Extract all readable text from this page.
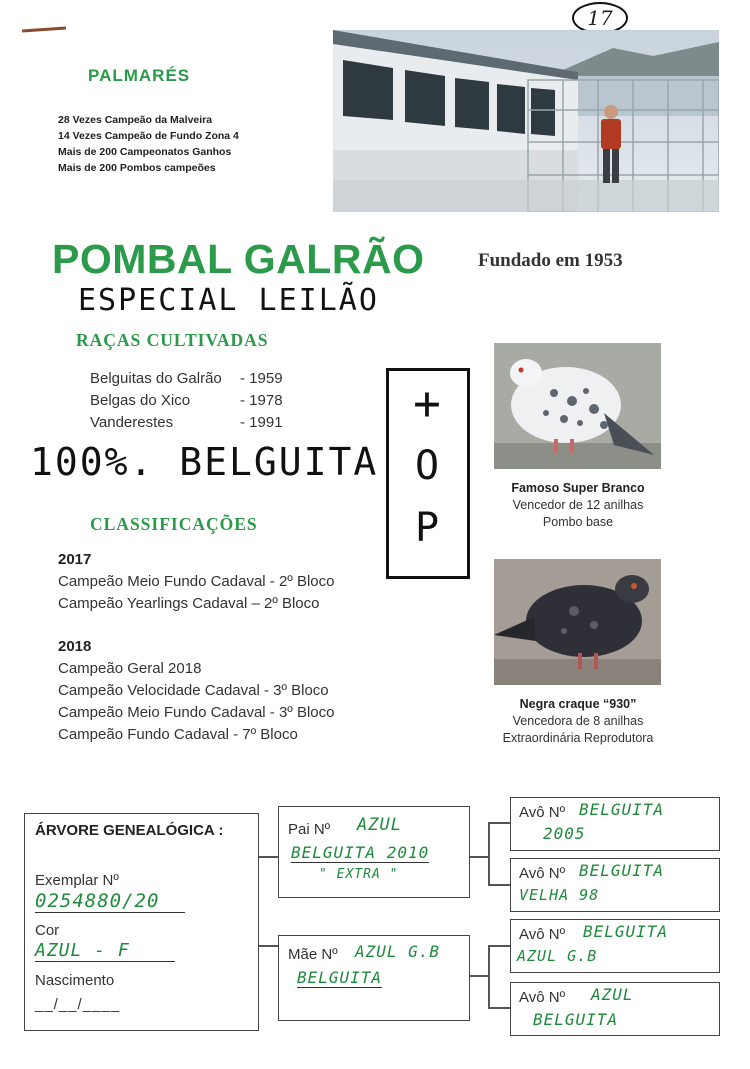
17
PALMARÉS
28 Vezes Campeão da Malveira
14 Vezes Campeão de Fundo Zona 4
Mais de 200 Campeonatos Ganhos
Mais de 200 Pombos campeões
POMBAL GALRÃO	Fundado em 1953
ESPECIAL LEILÃO
RAÇAS CULTIVADAS
Belguitas do Galrão - 1959
Belgas do Xico	- 1978
Vanderestes	- 1991
100%. BELGUITA
+
O
P
CLASSIFICAÇÕES
2017
Campeão Meio Fundo Cadaval - 2º Bloco
Campeão Yearlings Cadaval – 2º Bloco
2018
Campeão Geral 2018
Campeão Velocidade Cadaval - 3º Bloco
Campeão Meio Fundo Cadaval - 3º Bloco
Campeão Fundo Cadaval - 7º Bloco
Famoso Super Branco
Vencedor de 12 anilhas
Pombo base
Negra craque “930”
Vencedora de 8 anilhas
Extraordinária Reprodutora
ÁRVORE GENEALÓGICA :
Exemplar Nº
0254880/20
Cor
AZUL - F
Nascimento
__/__/____
Pai Nº AZUL
BELGUITA 2010
" EXTRA "
Mãe Nº AZUL G.B
BELGUITA
Avô Nº BELGUITA
2005
Avô Nº BELGUITA
VELHA 98
Avô Nº BELGUITA
AZUL G.B
Avô Nº AZUL
BELGUITA
